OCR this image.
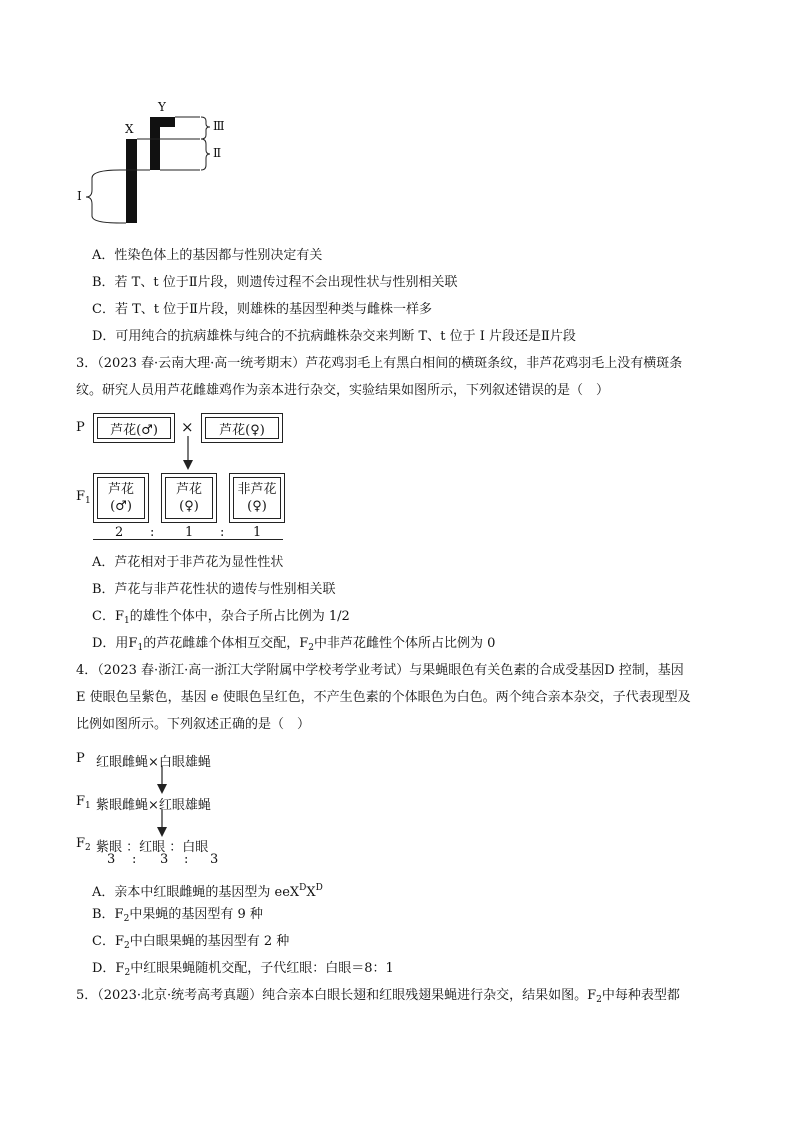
X
Y
Ⅲ
Ⅱ
I
A．性染色体上的基因都与性别决定有关
B．若 T、t 位于Ⅱ片段，则遗传过程不会出现性状与性别相关联
C．若 T、t 位于Ⅱ片段，则雄株的基因型种类与雌株一样多
D．可用纯合的抗病雄株与纯合的不抗病雌株杂交来判断 T、t 位于 I 片段还是Ⅱ片段
3．（2023 春·云南大理·高一统考期末）芦花鸡羽毛上有黑白相间的横斑条纹，非芦花鸡羽毛上没有横斑条
纹。研究人员用芦花雌雄鸡作为亲本进行杂交，实验结果如图所示，下列叙述错误的是（　）
P 芦花(♂) × 芦花(♀)
$F_1$
芦花
(♂)
芦花
(♀)
非芦花
(♀)
2 : 1 : 1
A．芦花相对于非芦花为显性性状
B．芦花与非芦花性状的遗传与性别相关联
C．$F_1$的雄性个体中，杂合子所占比例为 1/2
D．用$F_1$的芦花雌雄个体相互交配，$F_2$中非芦花雌性个体所占比例为 0
4．（2023 春·浙江·高一浙江大学附属中学校考学业考试）与果蝇眼色有关色素的合成受基因D 控制，基因
E 使眼色呈紫色，基因 e 使眼色呈红色，不产生色素的个体眼色为白色。两个纯合亲本杂交，子代表现型及
比例如图所示。下列叙述正确的是（　）
P 红眼雌蝇×白眼雄蝇
$F_1$ 紫眼雌蝇×红眼雄蝇
$F_2$ 紫眼 ：红眼 ：白眼
3 : 3 : 3
A．亲本中红眼雌蝇的基因型为 $eeX^DX^D$
B．$F_2$中果蝇的基因型有 9 种
C．$F_2$中白眼果蝇的基因型有 2 种
D．$F_2$中红眼果蝇随机交配，子代红眼：白眼＝8：1
5．（2023·北京·统考高考真题）纯合亲本白眼长翅和红眼残翅果蝇进行杂交，结果如图。$F_2$中每种表型都
